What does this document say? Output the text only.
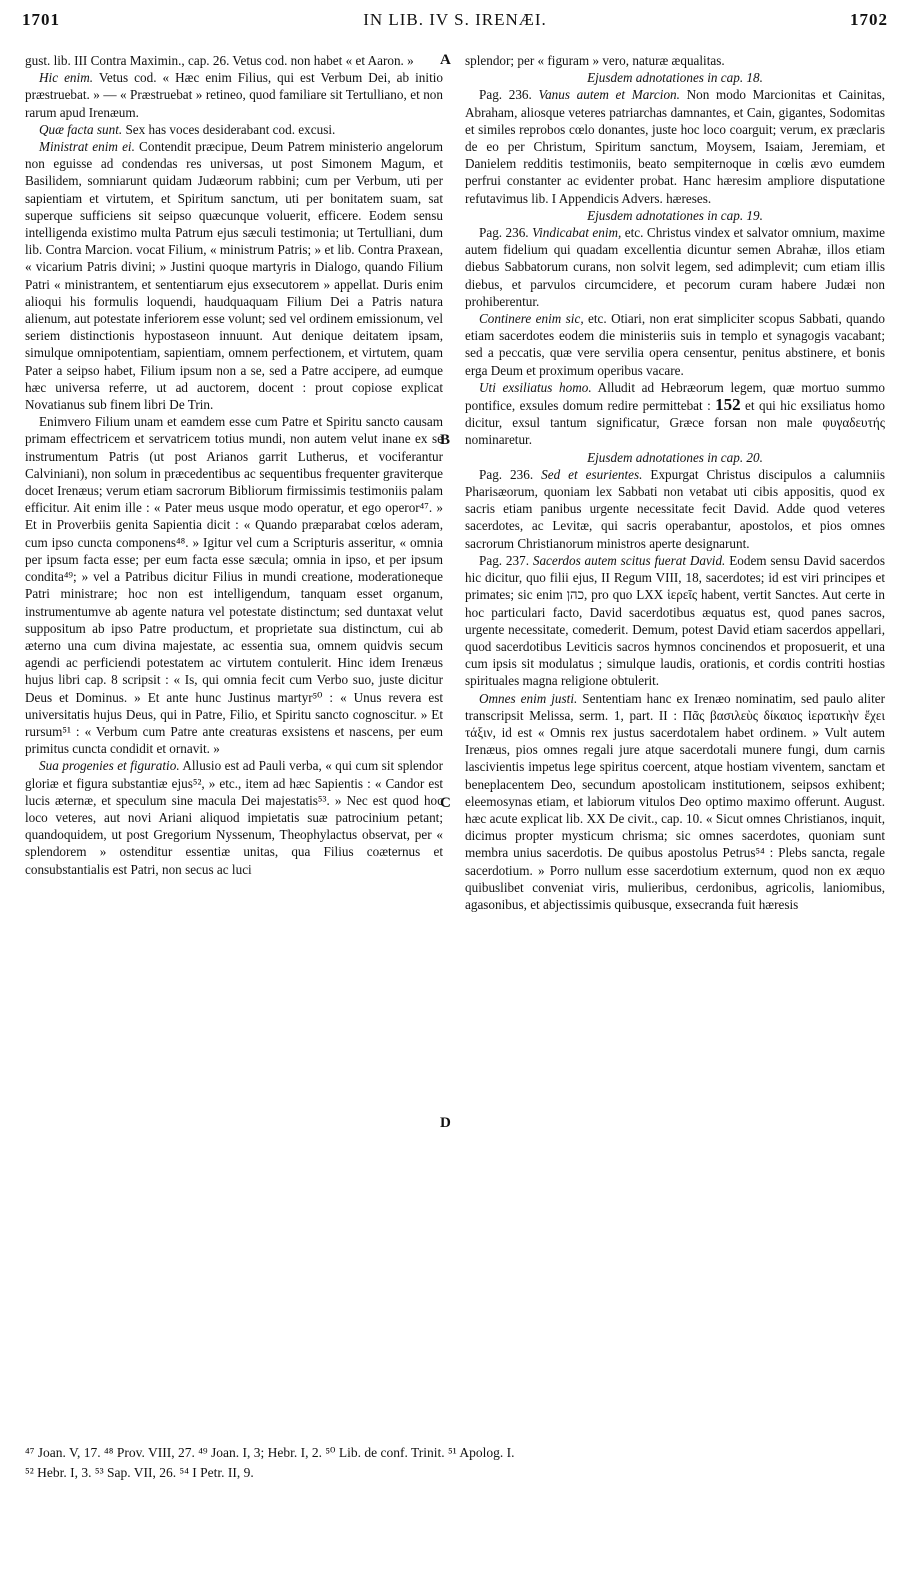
1701	IN LIB. IV S. IRENÆI.	1702

gust. lib. III Contra Maximin., cap. 26. Vetus cod. non habet « et Aaron. »

Hic enim. Vetus cod. « Hæc enim Filius, qui est Verbum Dei, ab initio præstruebat. » — « Præstruebat » retineo, quod familiare sit Tertulliano, et non rarum apud Irenæum.

Quæ facta sunt. Sex has voces desiderabant cod. excusi.

Ministrat enim ei. Contendit præcipue, Deum Patrem ministerio angelorum non eguisse ad condendas res universas, ut post Simonem Magum, et Basilidem, somniarunt quidam Judæorum rabbini; cum per Verbum, uti per sapientiam et virtutem, et Spiritum sanctum, uti per bonitatem suam, sat superque sufficiens sit seipso quæcunque voluerit, efficere. Eodem sensu intelligenda existimo multa Patrum ejus sæculi testimonia; ut Tertulliani, dum lib. Contra Marcion. vocat Filium, « ministrum Patris; » et lib. Contra Praxean, « vicarium Patris divini; » Justini quoque martyris in Dialogo, quando Filium Patri « ministrantem, et sententiarum ejus exsecutorem » appellat. Duris enim alioqui his formulis loquendi, haudquaquam Filium Dei a Patris natura alienum, aut potestate inferiorem esse volunt; sed vel ordinem emissionum, vel seriem distinctionis hypostaseon innuunt. Aut denique deitatem ipsam, simulque omnipotentiam, sapientiam, omnem perfectionem, et virtutem, quam Pater a seipso habet, Filium ipsum non a se, sed a Patre accipere, ad eumque hæc universa referre, ut ad auctorem, docent : prout copiose explicat Novatianus sub finem libri De Trin.

Enimvero Filium unam et eamdem esse cum Patre et Spiritu sancto causam primam effectricem et servatricem totius mundi, non autem velut inane ex se instrumentum Patris (ut post Arianos garrit Lutherus, et vociferantur Calviniani), non solum in præcedentibus ac sequentibus frequenter graviterque docet Irenæus; verum etiam sacrorum Bibliorum firmissimis testimoniis palam efficitur. Ait enim ille : « Pater meus usque modo operatur, et ego operor⁴⁷. » Et in Proverbiis genita Sapientia dicit : « Quando præparabat cœlos aderam, cum ipso cuncta componens⁴⁸. » Igitur vel cum a Scripturis asseritur, « omnia per ipsum facta esse; per eum facta esse sæcula; omnia in ipso, et per ipsum condita⁴⁹; » vel a Patribus dicitur Filius in mundi creatione, moderationeque Patri ministrare; hoc non est intelligendum, tanquam esset organum, instrumentumve ab agente natura vel potestate distinctum; sed duntaxat velut suppositum ab ipso Patre productum, et proprietate sua distinctum, cui ab æterno una cum divina majestate, ac essentia sua, omnem quidvis secum agendi ac perficiendi potestatem ac virtutem contulerit. Hinc idem Irenæus hujus libri cap. 8 scripsit : « Is, qui omnia fecit cum Verbo suo, juste dicitur Deus et Dominus. » Et ante hunc Justinus martyr⁵⁰ : « Unus revera est universitatis hujus Deus, qui in Patre, Filio, et Spiritu sancto cognoscitur. » Et rursum⁵¹ : « Verbum cum Patre ante creaturas exsistens et nascens, per eum primitus cuncta condidit et ornavit. »

Sua progenies et figuratio. Allusio est ad Pauli verba, « qui cum sit splendor gloriæ et figura substantiæ ejus⁵², » etc., item ad hæc Sapientis : « Candor est lucis æternæ, et speculum sine macula Dei majestatis⁵³. » Nec est quod hoc loco veteres, aut novi Ariani aliquod impietatis suæ patrocinium petant; quandoquidem, ut post Gregorium Nyssenum, Theophylactus observat, per « splendorem » ostenditur essentiæ unitas, qua Filius coæternus et consubstantialis est Patri, non secus ac luci

A
B
C
D

splendor; per « figuram » vero, naturæ æqualitas.

Ejusdem adnotationes in cap. 18.

Pag. 236. Vanus autem et Marcion. Non modo Marcionitas et Cainitas, Abraham, aliosque veteres patriarchas damnantes, et Cain, gigantes, Sodomitas et similes reprobos cœlo donantes, juste hoc loco coarguit; verum, ex præclaris de eo per Christum, Spiritum sanctum, Moysem, Isaiam, Jeremiam, et Danielem redditis testimoniis, beato sempiternoque in cœlis ævo eumdem perfrui constanter ac evidenter probat. Hanc hæresim ampliore disputatione refutavimus lib. I Appendicis Advers. hæreses.

Ejusdem adnotationes in cap. 19.

Pag. 236. Vindicabat enim, etc. Christus vindex et salvator omnium, maxime autem fidelium qui quadam excellentia dicuntur semen Abrahæ, illos etiam diebus Sabbatorum curans, non solvit legem, sed adimplevit; cum etiam illis diebus, et parvulos circumcidere, et pecorum curam habere Judæi non prohiberentur.

Continere enim sic, etc. Otiari, non erat simpliciter scopus Sabbati, quando etiam sacerdotes eodem die ministeriis suis in templo et synagogis vacabant; sed a peccatis, quæ vere servilia opera censentur, penitus abstinere, et bonis erga Deum et proximum operibus vacare.

Uti exsiliatus homo. Alludit ad Hebræorum legem, quæ mortuo summo pontifice, exsules domum redire permittebat : 152 et qui hic exsiliatus homo dicitur, exsul tantum significatur, Græce forsan non male φυγαδευτής nominaretur.

Ejusdem adnotationes in cap. 20.

Pag. 236. Sed et esurientes. Expurgat Christus discipulos a calumniis Pharisæorum, quoniam lex Sabbati non vetabat uti cibis appositis, quod ex sacris etiam panibus urgente necessitate fecit David. Adde quod veteres sacerdotes, ac Levitæ, qui sacris operabantur, apostolos, et pios omnes sacrorum Christianorum ministros aperte designarunt.

Pag. 237. Sacerdos autem scitus fuerat David. Eodem sensu David sacerdos hic dicitur, quo filii ejus, II Regum VIII, 18, sacerdotes; id est viri principes et primates; sic enim כהן, pro quo LXX ἱερεῖς habent, vertit Sanctes. Aut certe in hoc particulari facto, David sacerdotibus æquatus est, quod panes sacros, urgente necessitate, comederit. Demum, potest David etiam sacerdos appellari, quod sacerdotibus Leviticis sacros hymnos concinendos et proposuerit, et una cum ipsis sit modulatus ; simulque laudis, orationis, et cordis contriti hostias spirituales magna religione obtulerit.

Omnes enim justi. Sententiam hanc ex Irenæo nominatim, sed paulo aliter transcripsit Melissa, serm. 1, part. II : Πᾶς βασιλεὺς δίκαιος ἱερατικὴν ἔχει τάξιν, id est « Omnis rex justus sacerdotalem habet ordinem. » Vult autem Irenæus, pios omnes regali jure atque sacerdotali munere fungi, dum carnis lascivientis impetus lege spiritus coercent, atque hostiam viventem, sanctam et beneplacentem Deo, secundum apostolicam institutionem, seipsos exhibent; eleemosynas etiam, et labiorum vitulos Deo optimo maximo offerunt. August. hæc acute explicat lib. XX De civit., cap. 10. « Sicut omnes Christianos, inquit, dicimus propter mysticum chrisma; sic omnes sacerdotes, quoniam sunt membra unius sacerdotis. De quibus apostolus Petrus⁵⁴ : Plebs sancta, regale sacerdotium. » Porro nullum esse sacerdotium externum, quod non ex æquo quibuslibet conveniat viris, mulieribus, cerdonibus, agricolis, laniomibus, agasonibus, et abjectissimis quibusque, exsecranda fuit hæresis

⁴⁷ Joan. V, 17. ⁴⁸ Prov. VIII, 27. ⁴⁹ Joan. I, 3; Hebr. I, 2. ⁵⁰ Lib. de conf. Trinit. ⁵¹ Apolog. I.

⁵² Hebr. I, 3. ⁵³ Sap. VII, 26. ⁵⁴ I Petr. II, 9.
